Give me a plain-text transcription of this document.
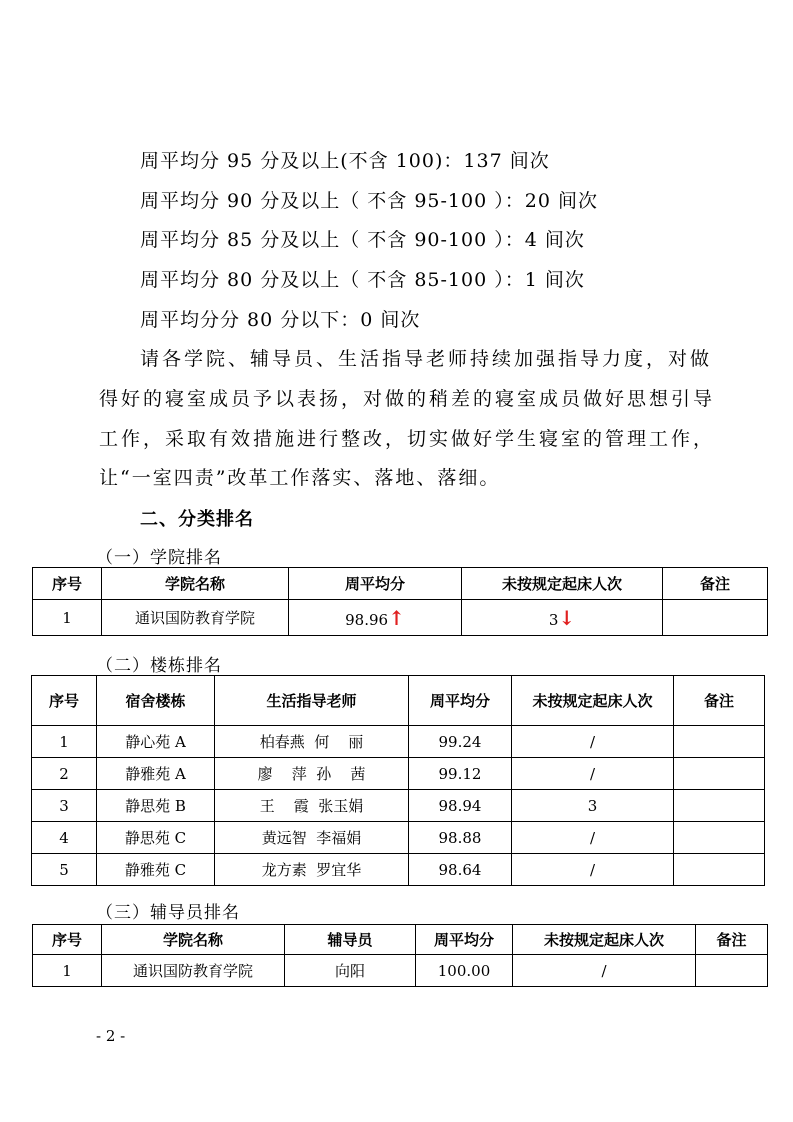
周平均分 95 分及以上(不含 100)：137 间次
周平均分 90 分及以上（ 不含 95-100 ）：20 间次
周平均分 85 分及以上（ 不含 90-100 ）：4 间次
周平均分 80 分及以上（ 不含 85-100 ）：1 间次
周平均分分 80 分以下：0 间次
请各学院、辅导员、生活指导老师持续加强指导力度，对做
得好的寝室成员予以表扬，对做的稍差的寝室成员做好思想引导
工作，采取有效措施进行整改，切实做好学生寝室的管理工作，
让“一室四责”改革工作落实、落地、落细。
二、分类排名
（一）学院排名
序号	学院名称	周平均分	未按规定起床人次	备注
1	通识国防教育学院	98.96↑	3↓	
（二）楼栋排名
序号	宿舍楼栋	生活指导老师	周平均分	未按规定起床人次	备注
1	静心苑 A	柏春燕  何    丽	99.24	/	
2	静雅苑 A	廖    萍  孙    茜	99.12	/	
3	静思苑 B	王    霞  张玉娟	98.94	3	
4	静思苑 C	黄远智  李福娟	98.88	/	
5	静雅苑 C	龙方素  罗宜华	98.64	/	
（三）辅导员排名
序号	学院名称	辅导员	周平均分	未按规定起床人次	备注
1	通识国防教育学院	向阳	100.00	/	
- 2 -
